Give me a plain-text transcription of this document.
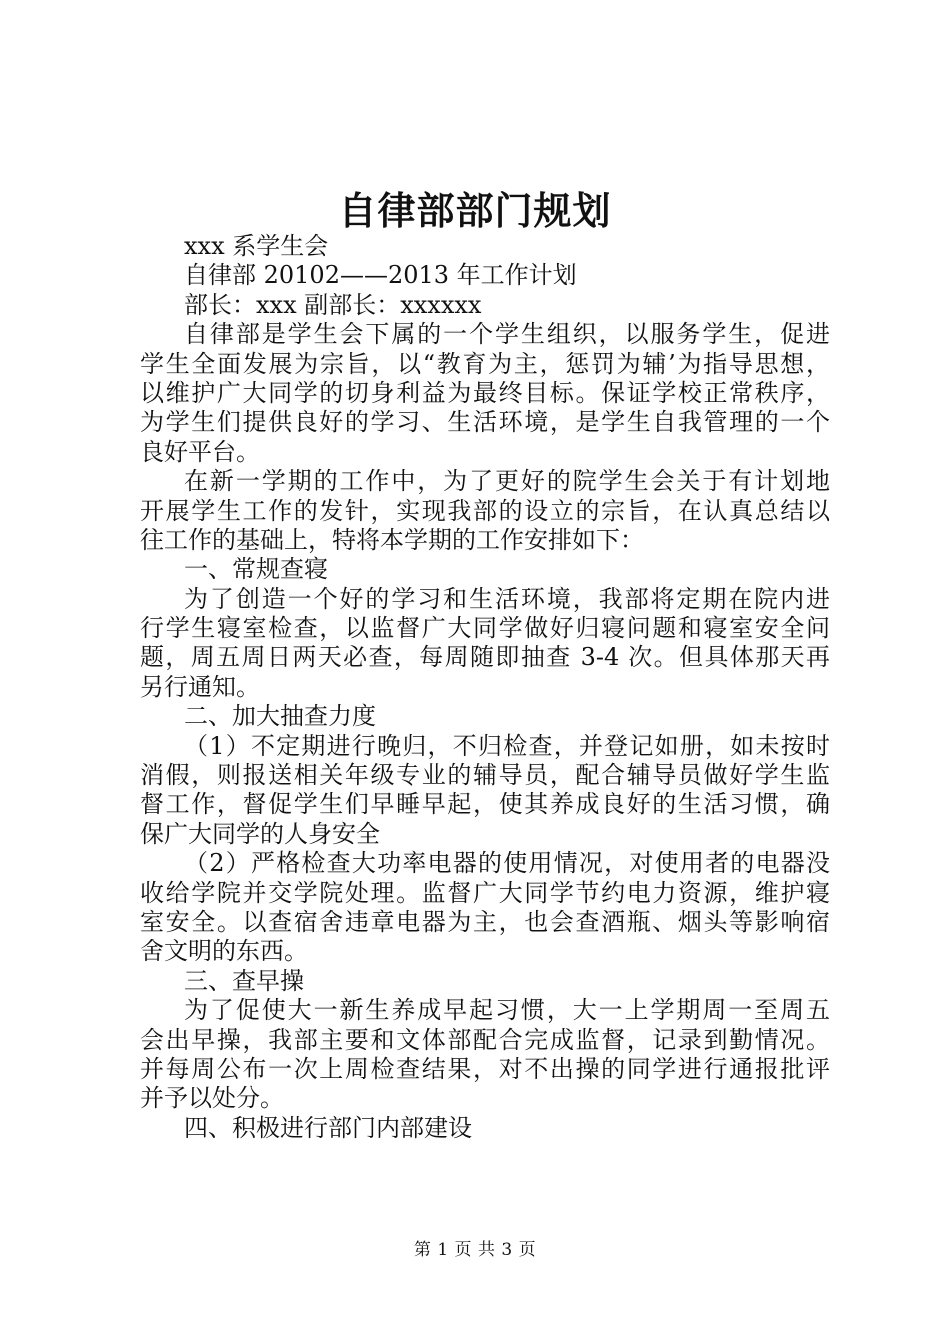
自律部部门规划
xxx 系学生会
自律部 20102——2013 年工作计划
部长：xxx 副部长：xxxxxx
自律部是学生会下属的一个学生组织，以服务学生，促进
学生全面发展为宗旨，以“教育为主，惩罚为辅’为指导思想，
以维护广大同学的切身利益为最终目标。保证学校正常秩序，
为学生们提供良好的学习、生活环境，是学生自我管理的一个
良好平台。
在新一学期的工作中，为了更好的院学生会关于有计划地
开展学生工作的发针，实现我部的设立的宗旨，在认真总结以
往工作的基础上，特将本学期的工作安排如下：
一、常规查寝
为了创造一个好的学习和生活环境，我部将定期在院内进
行学生寝室检查，以监督广大同学做好归寝问题和寝室安全问
题，周五周日两天必查，每周随即抽查 3-4 次。但具体那天再
另行通知。
二、加大抽查力度
（1）不定期进行晚归，不归检查，并登记如册，如未按时
消假，则报送相关年级专业的辅导员，配合辅导员做好学生监
督工作，督促学生们早睡早起，使其养成良好的生活习惯，确
保广大同学的人身安全
（2）严格检查大功率电器的使用情况，对使用者的电器没
收给学院并交学院处理。监督广大同学节约电力资源，维护寝
室安全。以查宿舍违章电器为主，也会查酒瓶、烟头等影响宿
舍文明的东西。
三、查早操
为了促使大一新生养成早起习惯，大一上学期周一至周五
会出早操，我部主要和文体部配合完成监督，记录到勤情况。
并每周公布一次上周检查结果，对不出操的同学进行通报批评
并予以处分。
四、积极进行部门内部建设
第 1 页 共 3 页
